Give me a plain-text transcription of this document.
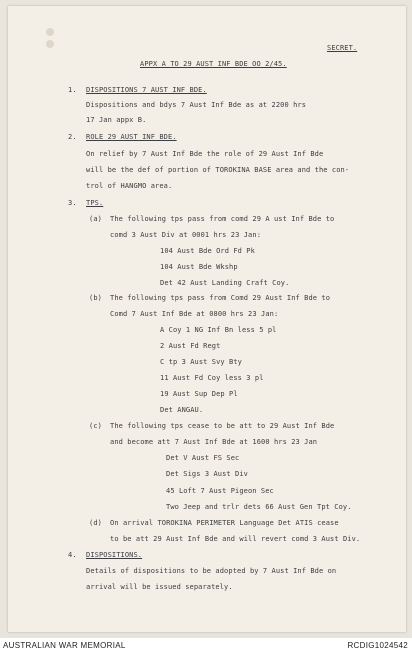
SECRET.
APPX A TO 29 AUST INF BDE OO 2/45.
1. DISPOSITIONS 7 AUST INF BDE.
Dispositions and bdys 7 Aust Inf Bde as at 2200 hrs
17 Jan appx B.
2. ROLE 29 AUST INF BDE.
On relief by 7 Aust Inf Bde the role of 29 Aust Inf Bde
will be the def of portion of TOROKINA BASE area and the con-
trol of HANGMO area.
3. TPS.
(a) The following tps pass from comd 29 A ust Inf Bde to
comd 3 Aust Div at 0001 hrs 23 Jan:
104 Aust Bde Ord Fd Pk
104 Aust Bde Wkshp
Det 42 Aust Landing Craft Coy.
(b) The following tps pass from Comd 29 Aust Inf Bde to
Comd 7 Aust Inf Bde at 0800 hrs 23 Jan:
A Coy 1 NG Inf Bn less 5 pl
2 Aust Fd Regt
C tp 3 Aust Svy Bty
11 Aust Fd Coy less 3 pl
19 Aust Sup Dep Pl
Det ANGAU.
(c) The following tps cease to be att to 29 Aust Inf Bde
and become att 7 Aust Inf Bde at 1600 hrs 23 Jan
Det V Aust FS Sec
Det Sigs 3 Aust Div
45 Loft 7 Aust Pigeon Sec
Two Jeep and trlr dets 66 Aust Gen Tpt Coy.
(d) On arrival TOROKINA PERIMETER Language Det ATIS cease
to be att 29 Aust Inf Bde and will revert comd 3 Aust Div.
4. DISPOSITIONS.
Details of dispositions to be adopted by 7 Aust Inf Bde on
arrival will be issued separately.
AUSTRALIAN WAR MEMORIAL	RCDIG1024542
